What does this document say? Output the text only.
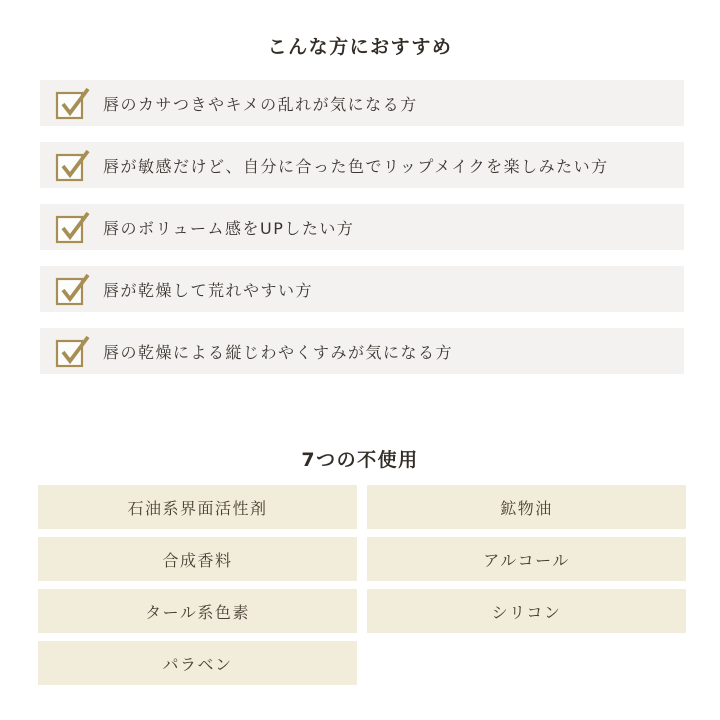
こんな方におすすめ
唇のカサつきやキメの乱れが気になる方
唇が敏感だけど、自分に合った色でリップメイクを楽しみたい方
唇のボリューム感をUPしたい方
唇が乾燥して荒れやすい方
唇の乾燥による縦じわやくすみが気になる方
7つの不使用
石油系界面活性剤	鉱物油
合成香料	アルコール
タール系色素	シリコン
パラベン
